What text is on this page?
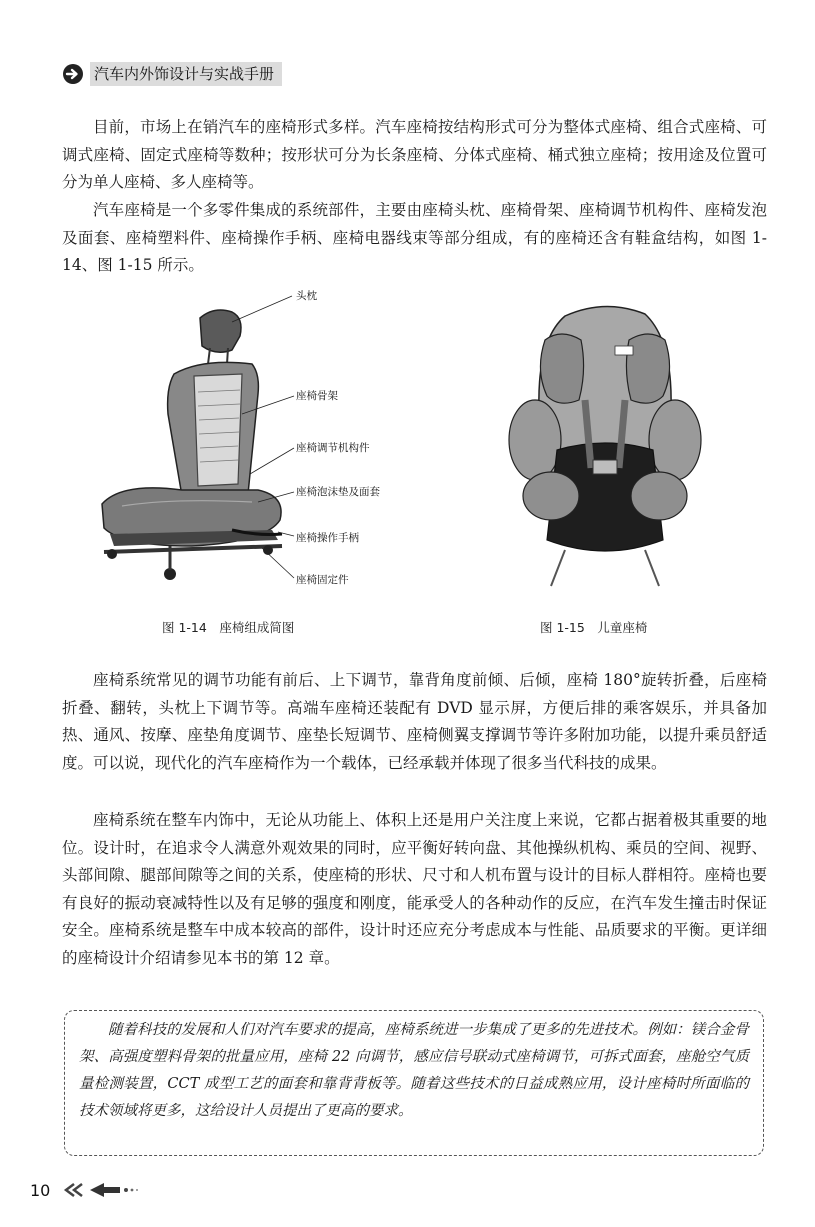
汽车内外饰设计与实战手册

目前，市场上在销汽车的座椅形式多样。汽车座椅按结构形式可分为整体式座椅、组合式座椅、可调式座椅、固定式座椅等数种；按形状可分为长条座椅、分体式座椅、桶式独立座椅；按用途及位置可分为单人座椅、多人座椅等。

汽车座椅是一个多零件集成的系统部件，主要由座椅头枕、座椅骨架、座椅调节机构件、座椅发泡及面套、座椅塑料件、座椅操作手柄、座椅电器线束等部分组成，有的座椅还含有鞋盒结构，如图 1-14、图 1-15 所示。

头枕
座椅骨架
座椅调节机构件
座椅泡沫垫及面套
座椅操作手柄
座椅固定件
图 1-14　座椅组成简图	图 1-15　儿童座椅

座椅系统常见的调节功能有前后、上下调节，靠背角度前倾、后倾，座椅 180°旋转折叠，后座椅折叠、翻转，头枕上下调节等。高端车座椅还装配有 DVD 显示屏，方便后排的乘客娱乐，并具备加热、通风、按摩、座垫角度调节、座垫长短调节、座椅侧翼支撑调节等许多附加功能，以提升乘员舒适度。可以说，现代化的汽车座椅作为一个载体，已经承载并体现了很多当代科技的成果。

座椅系统在整车内饰中，无论从功能上、体积上还是用户关注度上来说，它都占据着极其重要的地位。设计时，在追求令人满意外观效果的同时，应平衡好转向盘、其他操纵机构、乘员的空间、视野、头部间隙、腿部间隙等之间的关系，使座椅的形状、尺寸和人机布置与设计的目标人群相符。座椅也要有良好的振动衰减特性以及有足够的强度和刚度，能承受人的各种动作的反应，在汽车发生撞击时保证安全。座椅系统是整车中成本较高的部件，设计时还应充分考虑成本与性能、品质要求的平衡。更详细的座椅设计介绍请参见本书的第 12 章。

随着科技的发展和人们对汽车要求的提高，座椅系统进一步集成了更多的先进技术。例如：镁合金骨架、高强度塑料骨架的批量应用，座椅 22 向调节，感应信号联动式座椅调节，可拆式面套，座舱空气质量检测装置，CCT 成型工艺的面套和靠背背板等。随着这些技术的日益成熟应用，设计座椅时所面临的技术领域将更多，这给设计人员提出了更高的要求。

10
